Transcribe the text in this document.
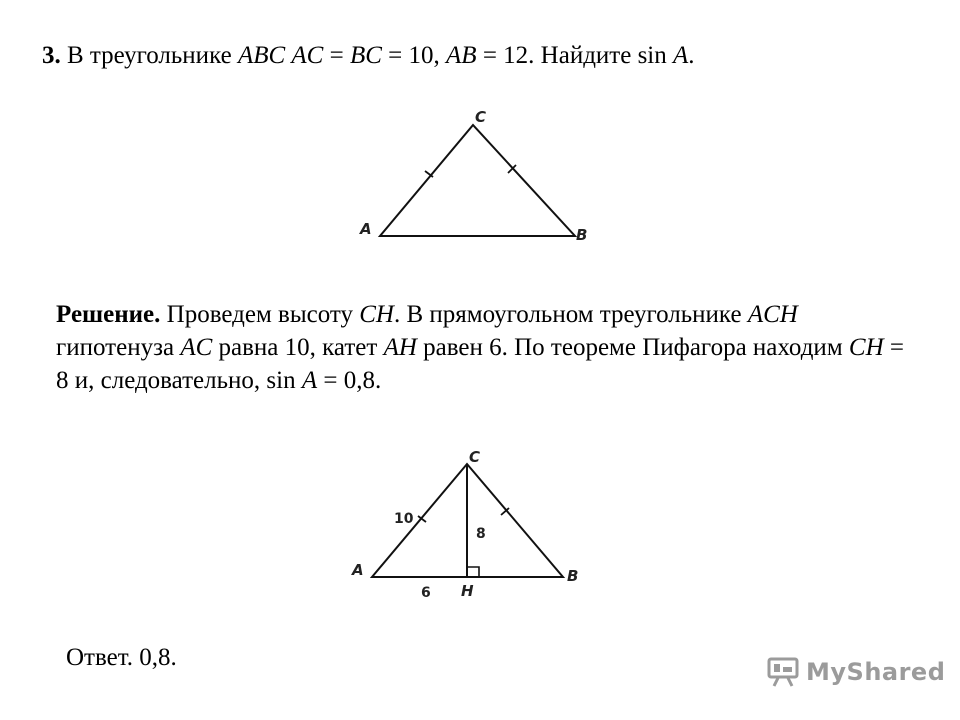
3. В треугольнике ABC AC = BC = 10, AB = 12. Найдите sin A.
C
A	B
Решение. Проведем высоту CH. В прямоугольном треугольнике ACH гипотенуза AC равна 10, катет AH равен 6. По теореме Пифагора находим CH = 8 и, следовательно, sin A = 0,8.
C
A	B
H
10
8
6
Ответ. 0,8.
MyShared
